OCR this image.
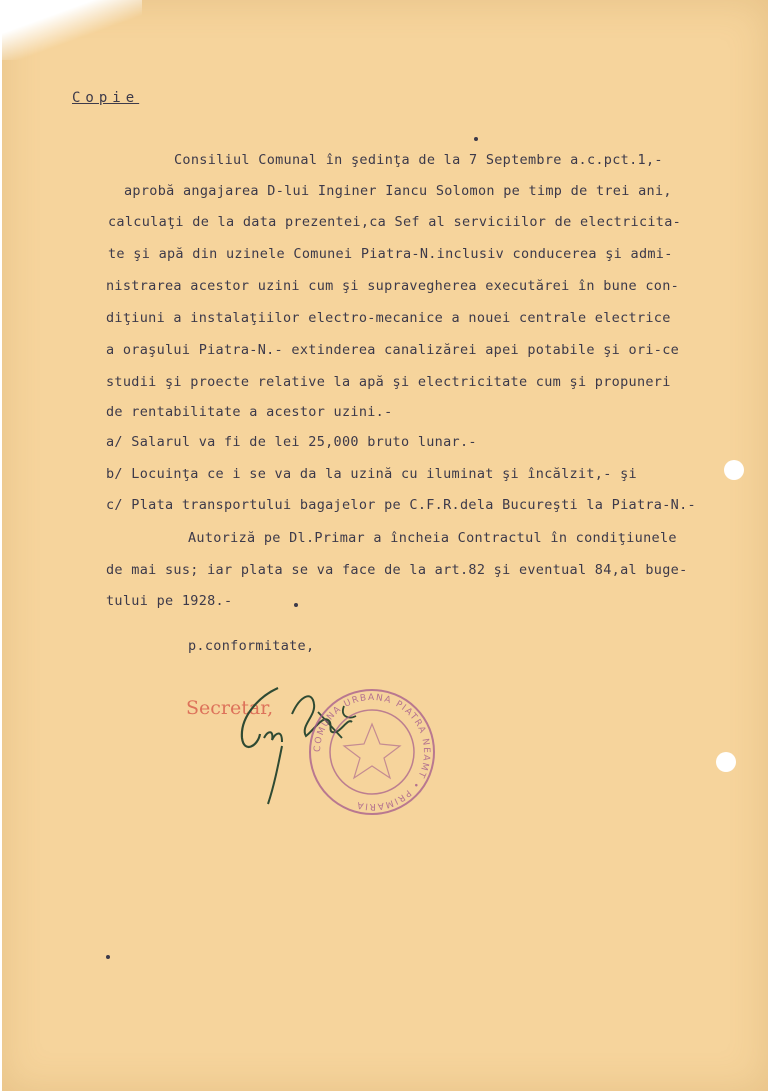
Copie
Consiliul Comunal în şedinţa de la 7 Septembre a.c.pct.1,-
aprobă angajarea D-lui Inginer Iancu Solomon pe timp de trei ani,
calculaţi de la data prezentei,ca Sef al serviciilor de electricita-
te şi apă din uzinele Comunei Piatra-N.inclusiv conducerea şi admi-
nistrarea acestor uzini cum şi supravegherea executărei în bune con-
diţiuni a instalaţiilor electro-mecanice a nouei centrale electrice
a oraşului Piatra-N.- extinderea canalizărei apei potabile şi ori-ce
studii şi proecte relative la apă şi electricitate cum şi propuneri
de rentabilitate a acestor uzini.-
a/ Salarul va fi de lei 25,000 bruto lunar.-
b/ Locuinţa ce i se va da la uzină cu iluminat şi încălzit,- şi
c/ Plata transportului bagajelor pe C.F.R.dela Bucureşti la Piatra-N.-
Autoriză pe Dl.Primar a încheia Contractul în condiţiunele
de mai sus; iar plata se va face de la art.82 şi eventual 84,al buge-
tului pe 1928.-
p.conformitate,
Secretar,
COMUNA URBANA PIATRA NEAMT • PRIMARIA
